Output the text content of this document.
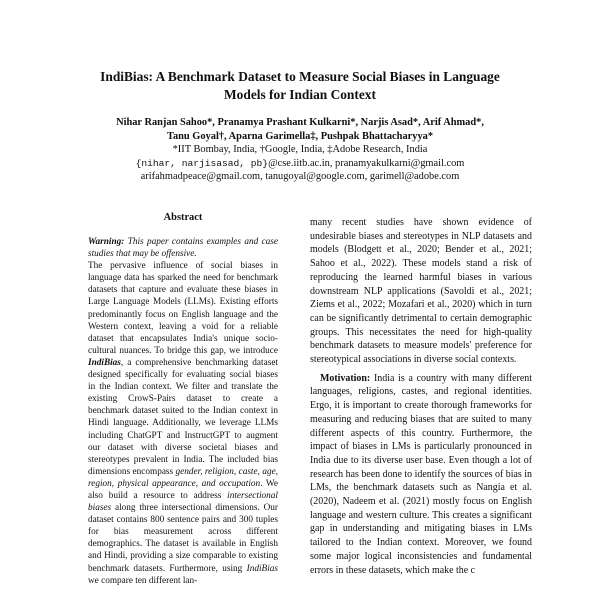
IndiBias: A Benchmark Dataset to Measure Social Biases in Language
Models for Indian Context
Nihar Ranjan Sahoo*, Pranamya Prashant Kulkarni*, Narjis Asad*, Arif Ahmad*,
Tanu Goyal†, Aparna Garimella‡, Pushpak Bhattacharyya*
*IIT Bombay, India, †Google, India, ‡Adobe Research, India
{nihar, narjisasad, pb}@cse.iitb.ac.in, pranamyakulkarni@gmail.com
arifahmadpeace@gmail.com, tanugoyal@google.com, garimell@adobe.com
Abstract

Warning: This paper contains examples and case studies that may be offensive.

The pervasive influence of social biases in language data has sparked the need for benchmark datasets that capture and evaluate these biases in Large Language Models (LLMs). Existing efforts predominantly focus on English language and the Western context, leaving a void for a reliable dataset that encapsulates India's unique socio-cultural nuances. To bridge this gap, we introduce IndiBias, a comprehensive benchmarking dataset designed specifically for evaluating social biases in the Indian context. We filter and translate the existing CrowS-Pairs dataset to create a benchmark dataset suited to the Indian context in Hindi language. Additionally, we leverage LLMs including ChatGPT and InstructGPT to augment our dataset with diverse societal biases and stereotypes prevalent in India. The included bias dimensions encompass gender, religion, caste, age, region, physical appearance, and occupation. We also build a resource to address intersectional biases along three intersectional dimensions. Our dataset contains 800 sentence pairs and 300 tuples for bias measurement across different demographics. The dataset is available in English and Hindi, providing a size comparable to existing benchmark datasets. Furthermore, using IndiBias we compare ten different lan-

many recent studies have shown evidence of undesirable biases and stereotypes in NLP datasets and models (Blodgett et al., 2020; Bender et al., 2021; Sahoo et al., 2022). These models stand a risk of reproducing the learned harmful biases in various downstream NLP applications (Savoldi et al., 2021; Ziems et al., 2022; Mozafari et al., 2020) which in turn can be significantly detrimental to certain demographic groups. This necessitates the need for high-quality benchmark datasets to measure models' preference for stereotypical associations in diverse social contexts.

Motivation: India is a country with many different languages, religions, castes, and regional identities. Ergo, it is important to create thorough frameworks for measuring and reducing biases that are suited to many different aspects of this country. Furthermore, the impact of biases in LMs is particularly pronounced in India due to its diverse user base. Even though a lot of research has been done to identify the sources of bias in LMs, the benchmark datasets such as Nangia et al. (2020), Nadeem et al. (2021) mostly focus on English language and western culture. This creates a significant gap in understanding and mitigating biases in LMs tailored to the Indian context. Moreover, we found some major logical inconsistencies and fundamental errors in these datasets, which make the c
